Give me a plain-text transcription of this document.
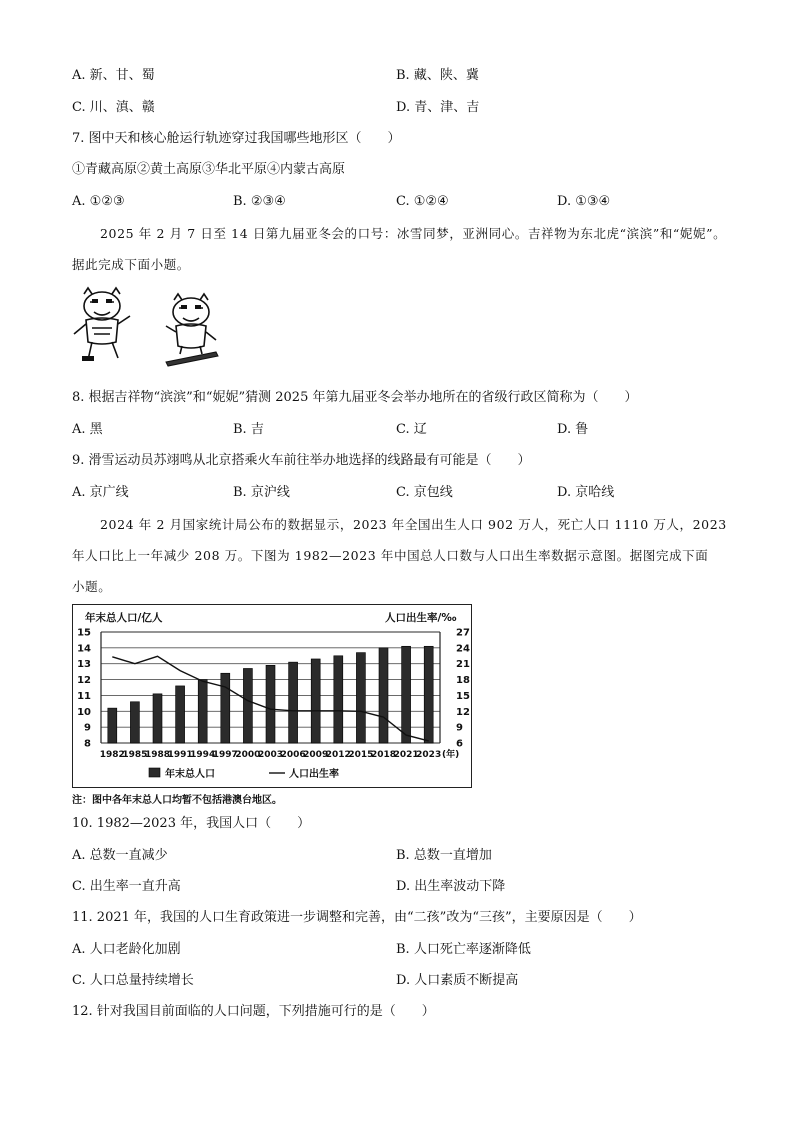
A. 新、甘、蜀	B. 藏、陕、冀
C. 川、滇、赣	D. 青、津、吉
7. 图中天和核心舱运行轨迹穿过我国哪些地形区（　　）
①青藏高原②黄土高原③华北平原④内蒙古高原
A. ①②③	B. ②③④	C. ①②④	D. ①③④
2025 年 2 月 7 日至 14 日第九届亚冬会的口号：冰雪同梦，亚洲同心。吉祥物为东北虎“滨滨”和“妮妮”。
据此完成下面小题。
8. 根据吉祥物“滨滨”和“妮妮”猜测 2025 年第九届亚冬会举办地所在的省级行政区简称为（　　）
A. 黑	B. 吉	C. 辽	D. 鲁
9. 滑雪运动员苏翊鸣从北京搭乘火车前往举办地选择的线路最有可能是（　　）
A. 京广线	B. 京沪线	C. 京包线	D. 京哈线
2024 年 2 月国家统计局公布的数据显示，2023 年全国出生人口 902 万人，死亡人口 1110 万人，2023
年人口比上一年减少 208 万。下图为 1982—2023 年中国总人口数与人口出生率数据示意图。据图完成下面
小题。
8
9
10
11
12
13
14
15
6
9
12
15
18
21
24
27
年末总人口/亿人	人口出生率/‰
1982
1985
1988
1991
1994
1997
2000
2003
2006
2009
2012
2015
2018
2021
2023 (年)
年末总人口	人口出生率
注：图中各年末总人口均暂不包括港澳台地区。
10. 1982—2023 年，我国人口（　　）
A. 总数一直减少	B. 总数一直增加
C. 出生率一直升高	D. 出生率波动下降
11. 2021 年，我国的人口生育政策进一步调整和完善，由“二孩”改为“三孩”，主要原因是（　　）
A. 人口老龄化加剧	B. 人口死亡率逐渐降低
C. 人口总量持续增长	D. 人口素质不断提高
12. 针对我国目前面临的人口问题，下列措施可行的是（　　）
